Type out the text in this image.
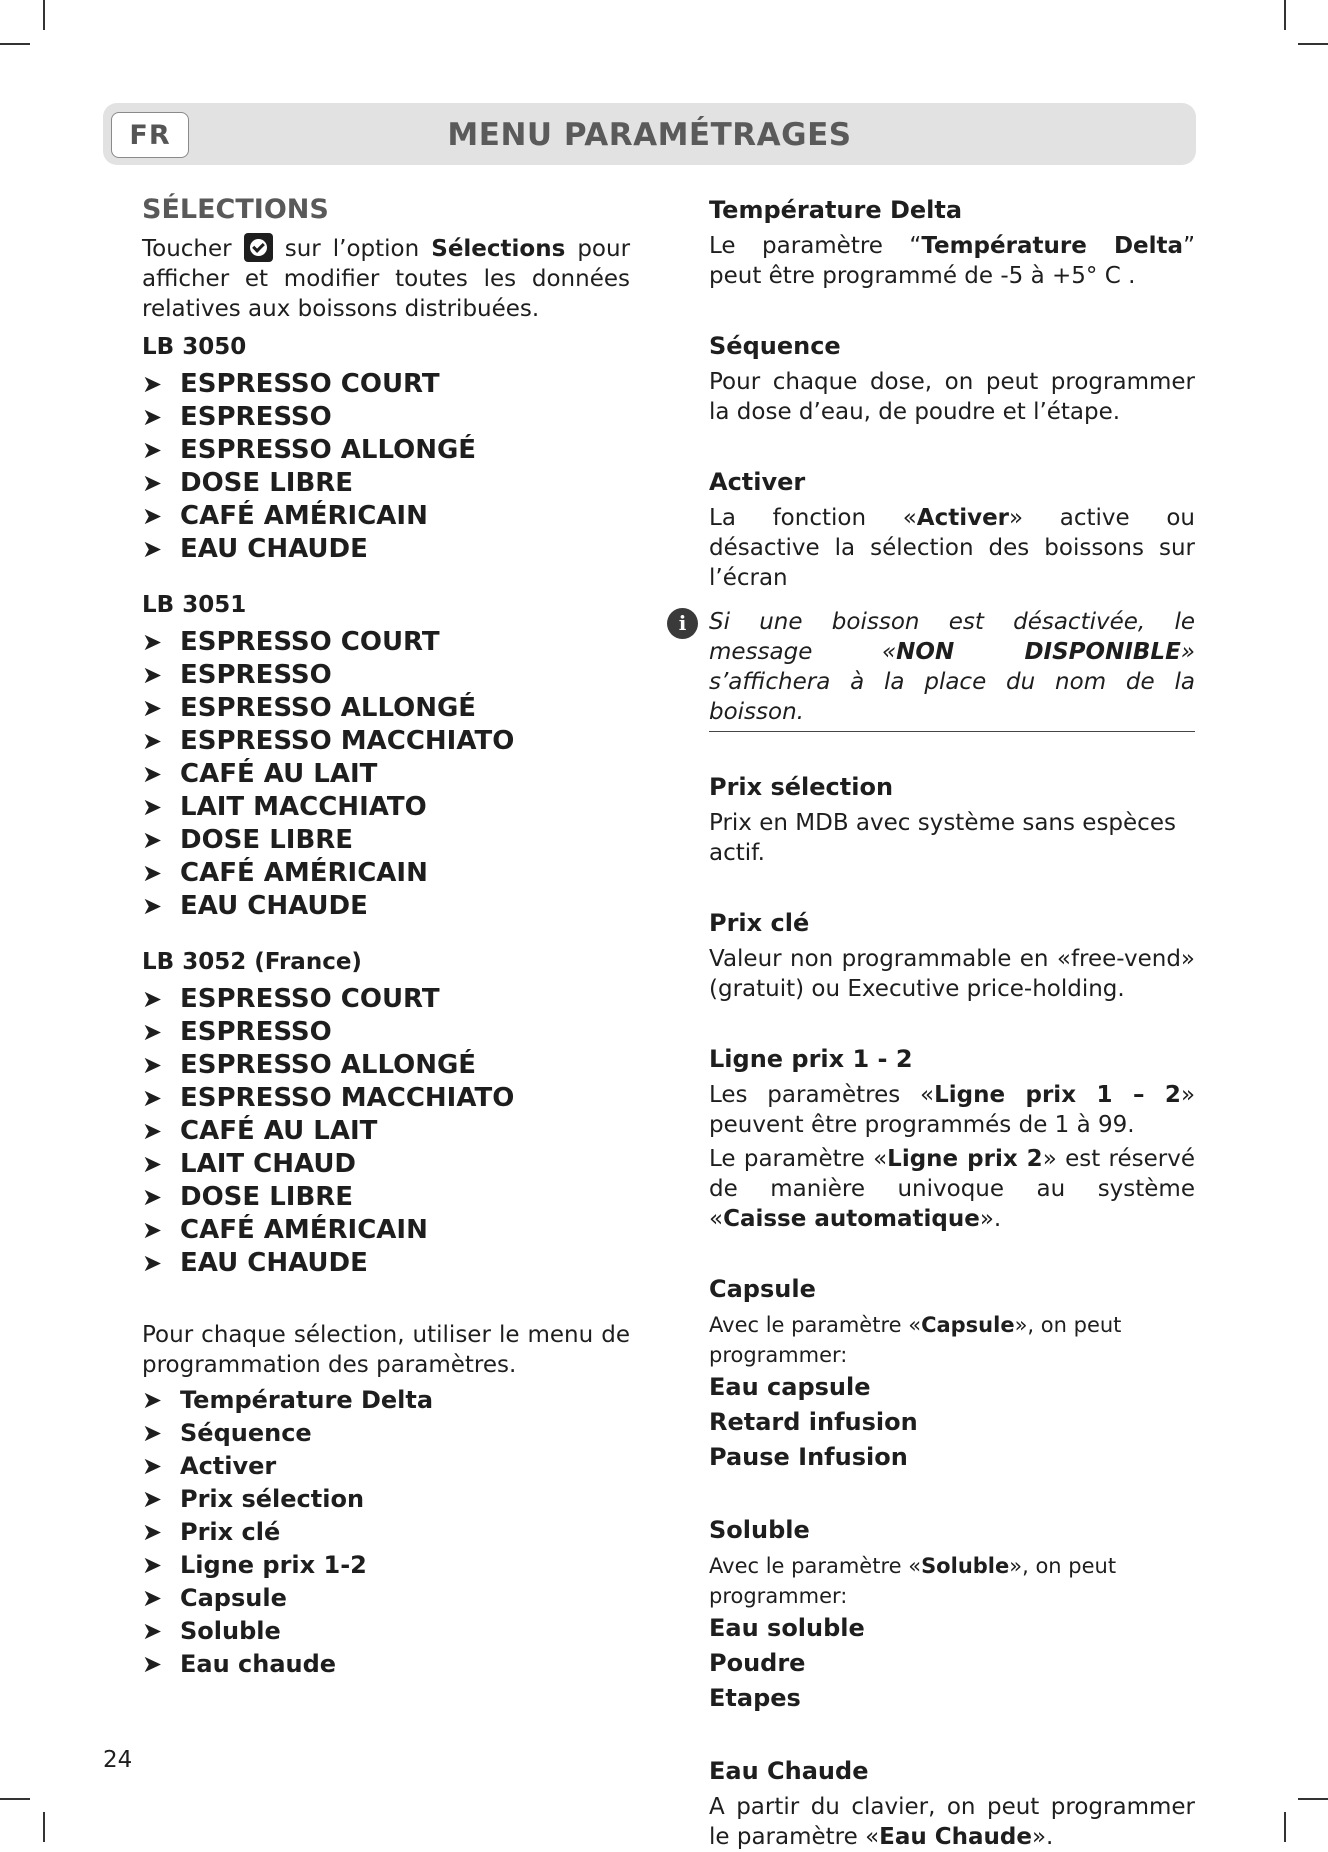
FR	MENU PARAMÉTRAGES
SÉLECTIONS

Toucher sur l’option Sélections pour afficher et modifier toutes les données relatives aux boissons distribuées.

LB 3050
➤ ESPRESSO COURT
➤ ESPRESSO
➤ ESPRESSO ALLONGÉ
➤ DOSE LIBRE
➤ CAFÉ AMÉRICAIN
➤ EAU CHAUDE
LB 3051
➤ ESPRESSO COURT
➤ ESPRESSO
➤ ESPRESSO ALLONGÉ
➤ ESPRESSO MACCHIATO
➤ CAFÉ AU LAIT
➤ LAIT MACCHIATO
➤ DOSE LIBRE
➤ CAFÉ AMÉRICAIN
➤ EAU CHAUDE
LB 3052 (France)
➤ ESPRESSO COURT
➤ ESPRESSO
➤ ESPRESSO ALLONGÉ
➤ ESPRESSO MACCHIATO
➤ CAFÉ AU LAIT
➤ LAIT CHAUD
➤ DOSE LIBRE
➤ CAFÉ AMÉRICAIN
➤ EAU CHAUDE

Pour chaque sélection, utiliser le menu de programmation des paramètres.

➤ Température Delta
➤ Séquence
➤ Activer
➤ Prix sélection
➤ Prix clé
➤ Ligne prix 1-2
➤ Capsule
➤ Soluble
➤ Eau chaude
Température Delta

Le paramètre “Température Delta” peut être programmé de -5 à +5° C .

Séquence

Pour chaque dose, on peut programmer la dose d’eau, de poudre et l’étape.

Activer

La fonction «Activer» active ou désactive la sélection des boissons sur l’écran

i Si une boisson est désactivée, le message «NON DISPONIBLE» s’affichera à la place du nom de la boisson.

Prix sélection

Prix en MDB avec système sans espèces actif.

Prix clé

Valeur non programmable en «free-vend» (gratuit) ou Executive price-holding.

Ligne prix 1 - 2

Les paramètres «Ligne prix 1 – 2» peuvent être programmés de 1 à 99.

Le paramètre «Ligne prix 2» est réservé de manière univoque au système «Caisse automatique».

Capsule

Avec le paramètre «Capsule», on peut programmer:

Eau capsule
Retard infusion
Pause Infusion
Soluble

Avec le paramètre «Soluble», on peut programmer:

Eau soluble
Poudre
Etapes
Eau Chaude

A partir du clavier, on peut programmer le paramètre «Eau Chaude».

24
